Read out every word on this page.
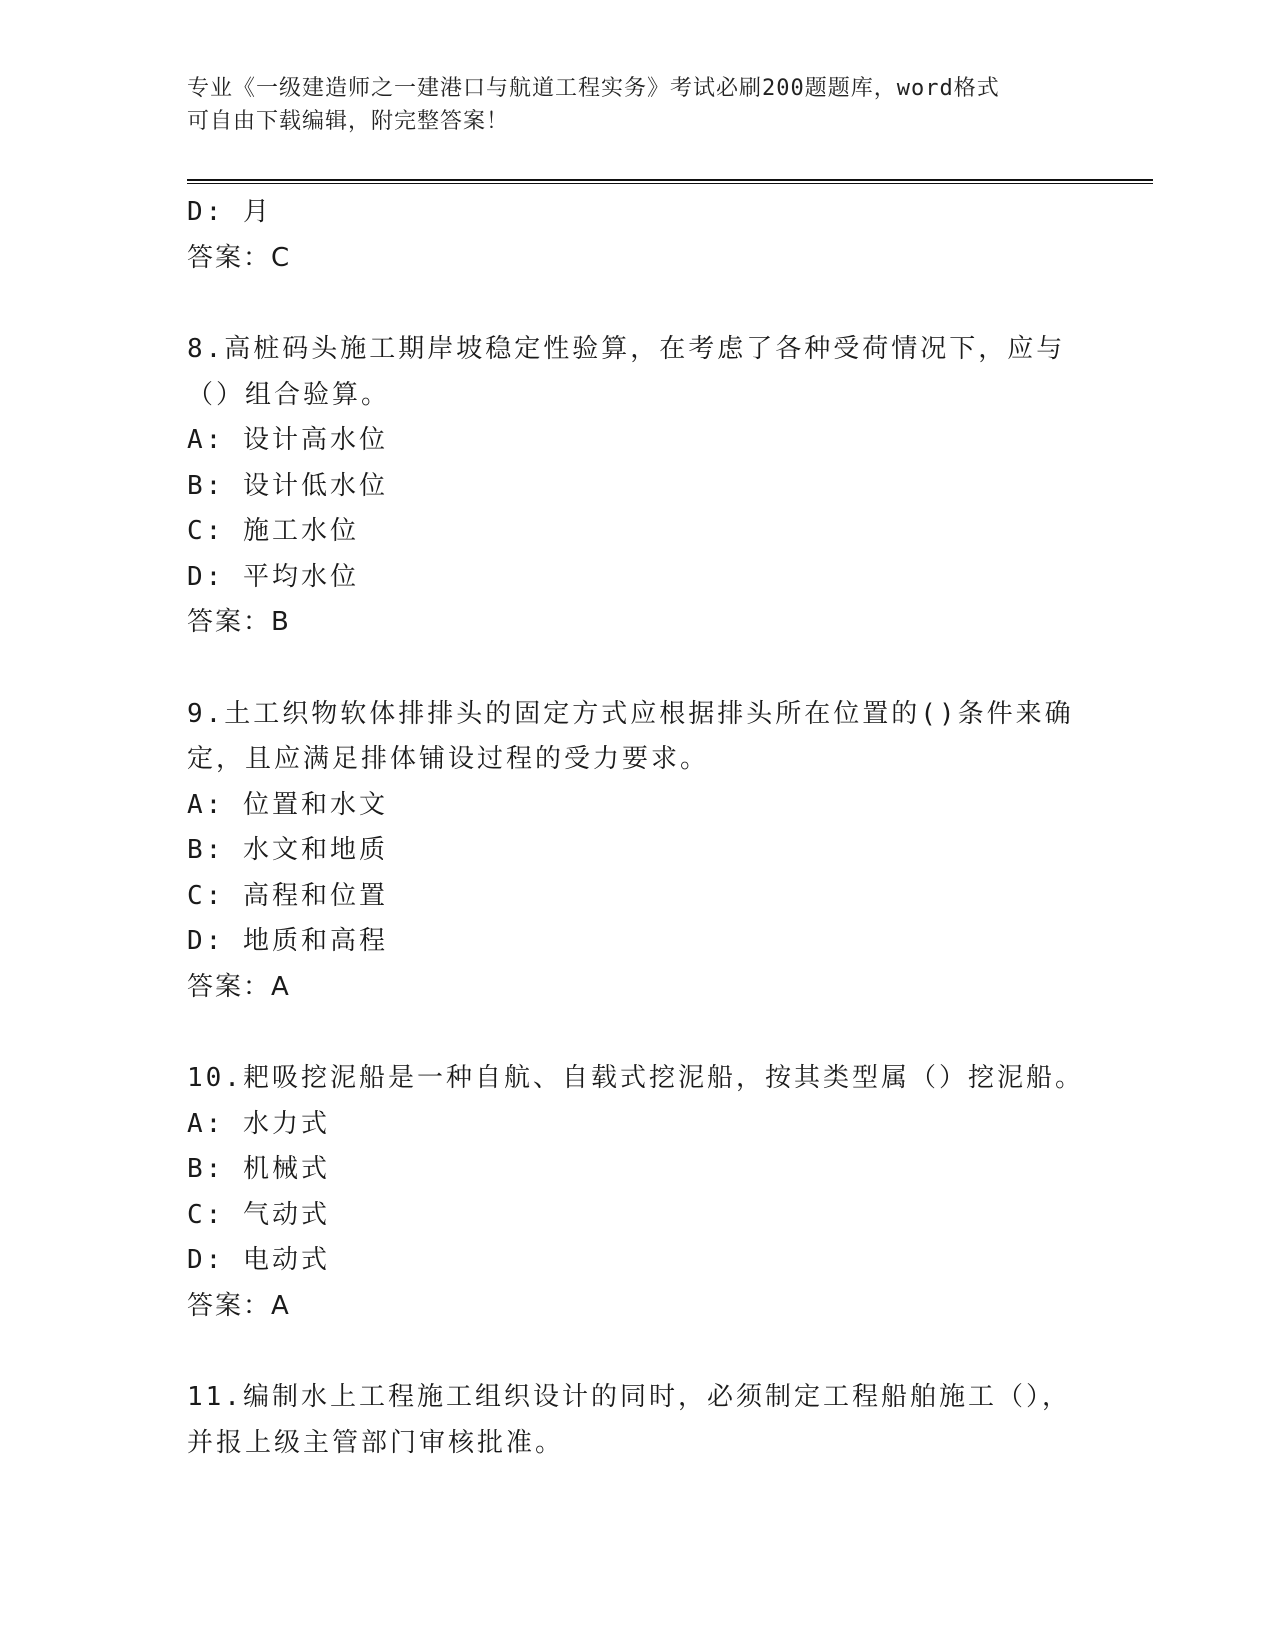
专业《一级建造师之一建港口与航道工程实务》考试必刷200题题库，word格式
可自由下载编辑，附完整答案！
D: 月
答案：C
8.高桩码头施工期岸坡稳定性验算，在考虑了各种受荷情况下，应与
（）组合验算。
A: 设计高水位
B: 设计低水位
C: 施工水位
D: 平均水位
答案：B
9.土工织物软体排排头的固定方式应根据排头所在位置的()条件来确
定，且应满足排体铺设过程的受力要求。
A: 位置和水文
B: 水文和地质
C: 高程和位置
D: 地质和高程
答案：A
10.耙吸挖泥船是一种自航、自载式挖泥船，按其类型属（）挖泥船。
A: 水力式
B: 机械式
C: 气动式
D: 电动式
答案：A
11.编制水上工程施工组织设计的同时，必须制定工程船舶施工（），
并报上级主管部门审核批准。
